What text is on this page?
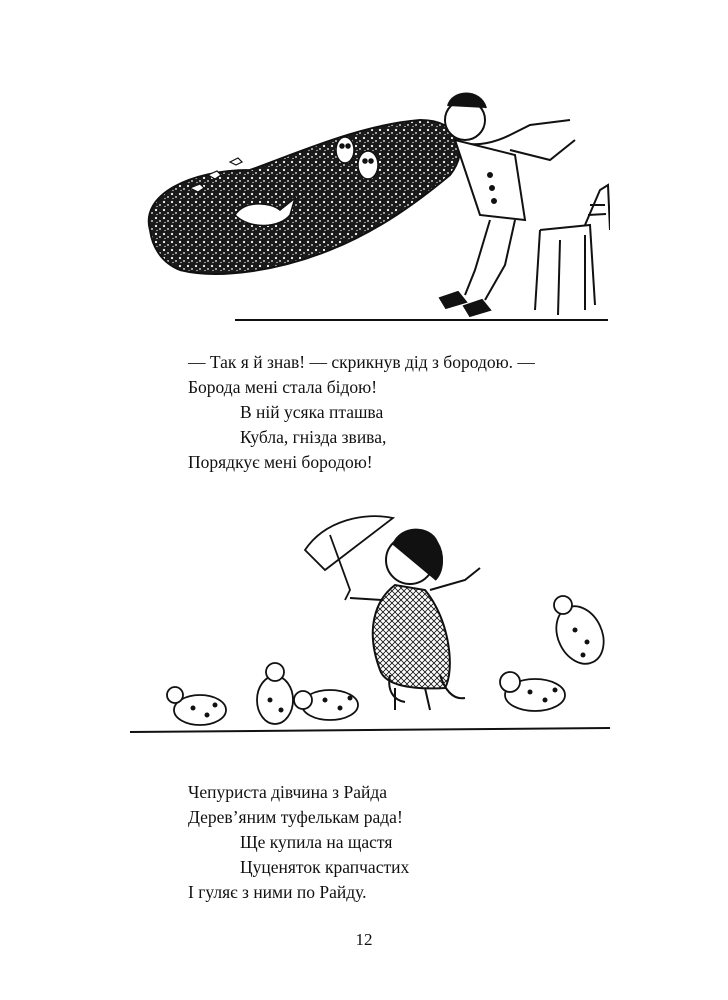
— Так я й знав! — скрикнув дід з бородою. —
Борода мені стала бідою!
В ній усяка пташва
Кубла, гнізда звива,
Порядкує мені бородою!

Чепуриста дівчина з Райда
Дерев’яним туфелькам рада!
Ще купила на щастя
Цуценяток крапчастих
І гуляє з ними по Райду.

12
